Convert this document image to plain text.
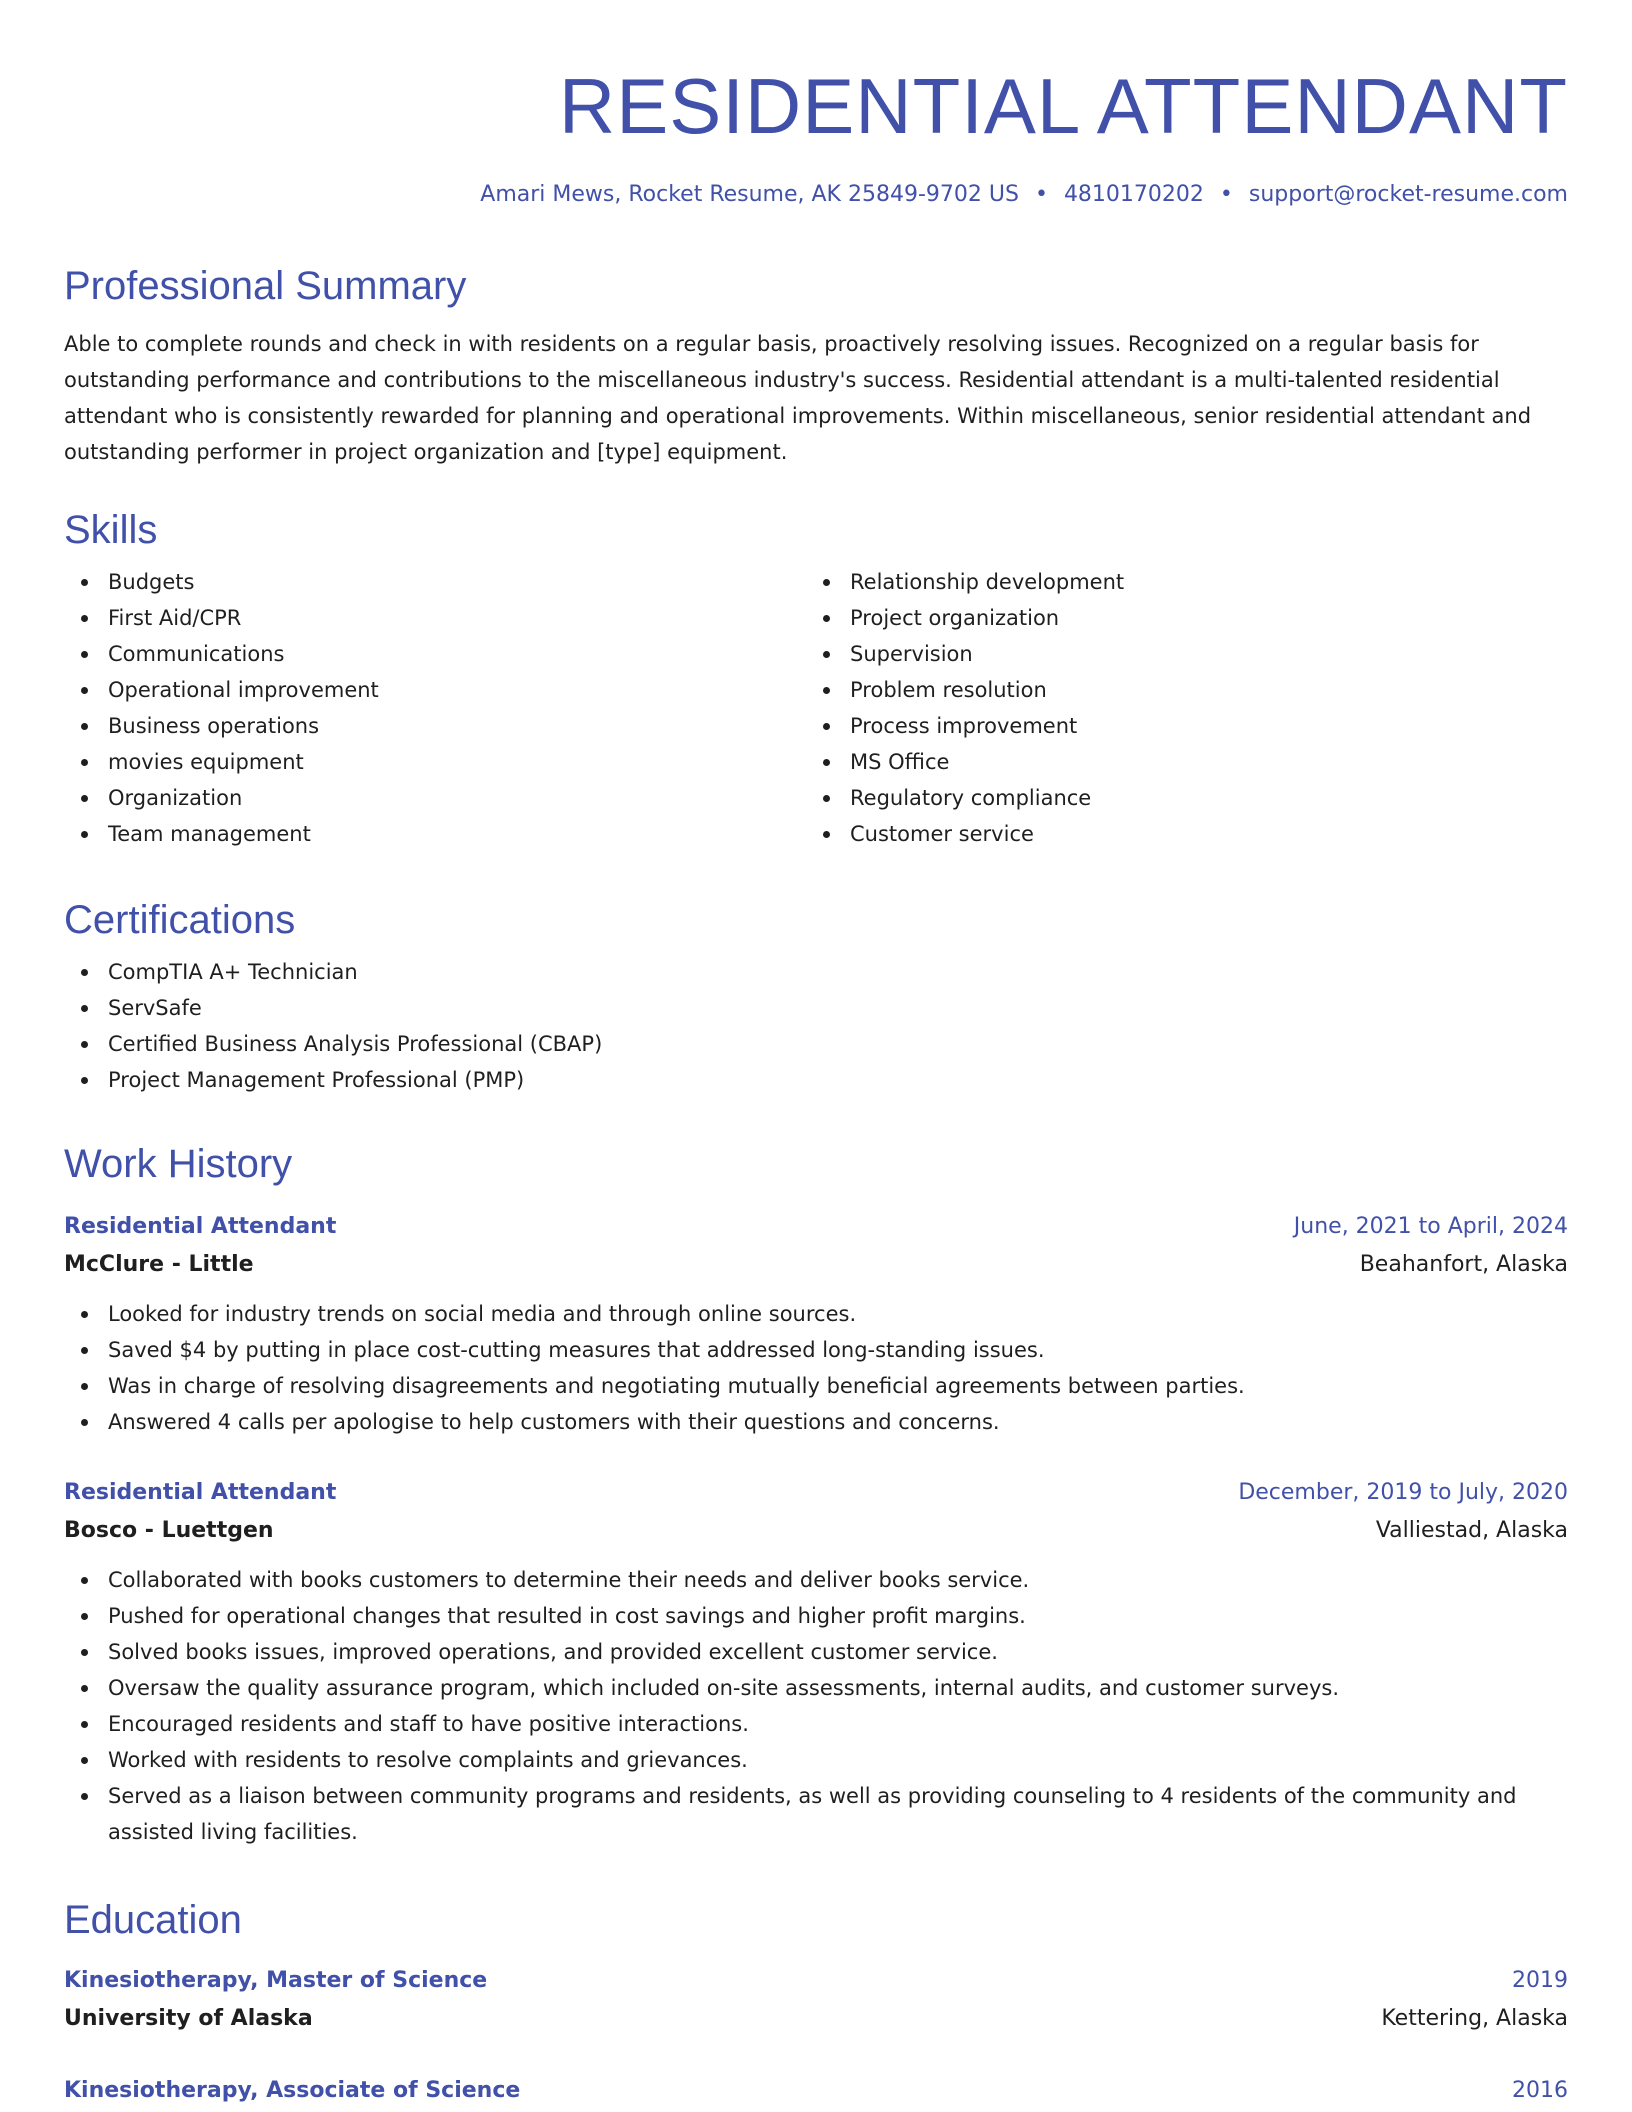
RESIDENTIAL ATTENDANT
Amari Mews, Rocket Resume, AK 25849-9702 US • 4810170202 • support@rocket-resume.com
Professional Summary

Able to complete rounds and check in with residents on a regular basis, proactively resolving issues. Recognized on a regular basis for outstanding performance and contributions to the miscellaneous industry's success. Residential attendant is a multi-talented residential attendant who is consistently rewarded for planning and operational improvements. Within miscellaneous, senior residential attendant and outstanding performer in project organization and [type] equipment.

Skills
Budgets
First Aid/CPR
Communications
Operational improvement
Business operations
movies equipment
Organization
Team management
Relationship development
Project organization
Supervision
Problem resolution
Process improvement
MS Office
Regulatory compliance
Customer service
Certifications
CompTIA A+ Technician
ServSafe
Certified Business Analysis Professional (CBAP)
Project Management Professional (PMP)
Work History
Residential Attendant	June, 2021 to April, 2024
McClure - Little	Beahanfort, Alaska
Looked for industry trends on social media and through online sources.
Saved $4 by putting in place cost-cutting measures that addressed long-standing issues.
Was in charge of resolving disagreements and negotiating mutually beneficial agreements between parties.
Answered 4 calls per apologise to help customers with their questions and concerns.
Residential Attendant	December, 2019 to July, 2020
Bosco - Luettgen	Valliestad, Alaska
Collaborated with books customers to determine their needs and deliver books service.
Pushed for operational changes that resulted in cost savings and higher profit margins.
Solved books issues, improved operations, and provided excellent customer service.
Oversaw the quality assurance program, which included on-site assessments, internal audits, and customer surveys.
Encouraged residents and staff to have positive interactions.
Worked with residents to resolve complaints and grievances.
Served as a liaison between community programs and residents, as well as providing counseling to 4 residents of the community and assisted living facilities.
Education
Kinesiotherapy, Master of Science	2019
University of Alaska	Kettering, Alaska
Kinesiotherapy, Associate of Science	2016
